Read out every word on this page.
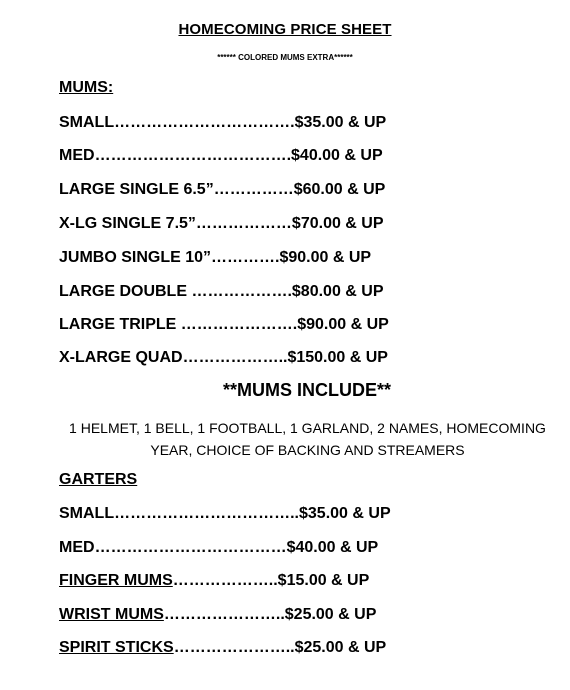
HOMECOMING PRICE SHEET
****** COLORED MUMS EXTRA******
MUMS:
SMALL…………………………….$35.00 & UP
MED……………………………….$40.00 & UP
LARGE SINGLE 6.5”……………$60.00 & UP
X-LG SINGLE 7.5”………………$70.00 & UP
JUMBO SINGLE 10”………….$90.00 & UP
LARGE DOUBLE ……………….$80.00 & UP
LARGE TRIPLE ………………….$90.00 & UP
X-LARGE QUAD………………..$150.00 & UP
**MUMS INCLUDE**
1 HELMET, 1 BELL, 1 FOOTBALL, 1 GARLAND, 2 NAMES, HOMECOMING YEAR, CHOICE OF BACKING AND STREAMERS
GARTERS
SMALL……………………………..$35.00 & UP
MED………………………………$40.00 & UP
FINGER MUMS………………..$15.00 & UP
WRIST MUMS…………………..$25.00 & UP
SPIRIT STICKS…………………..$25.00 & UP
